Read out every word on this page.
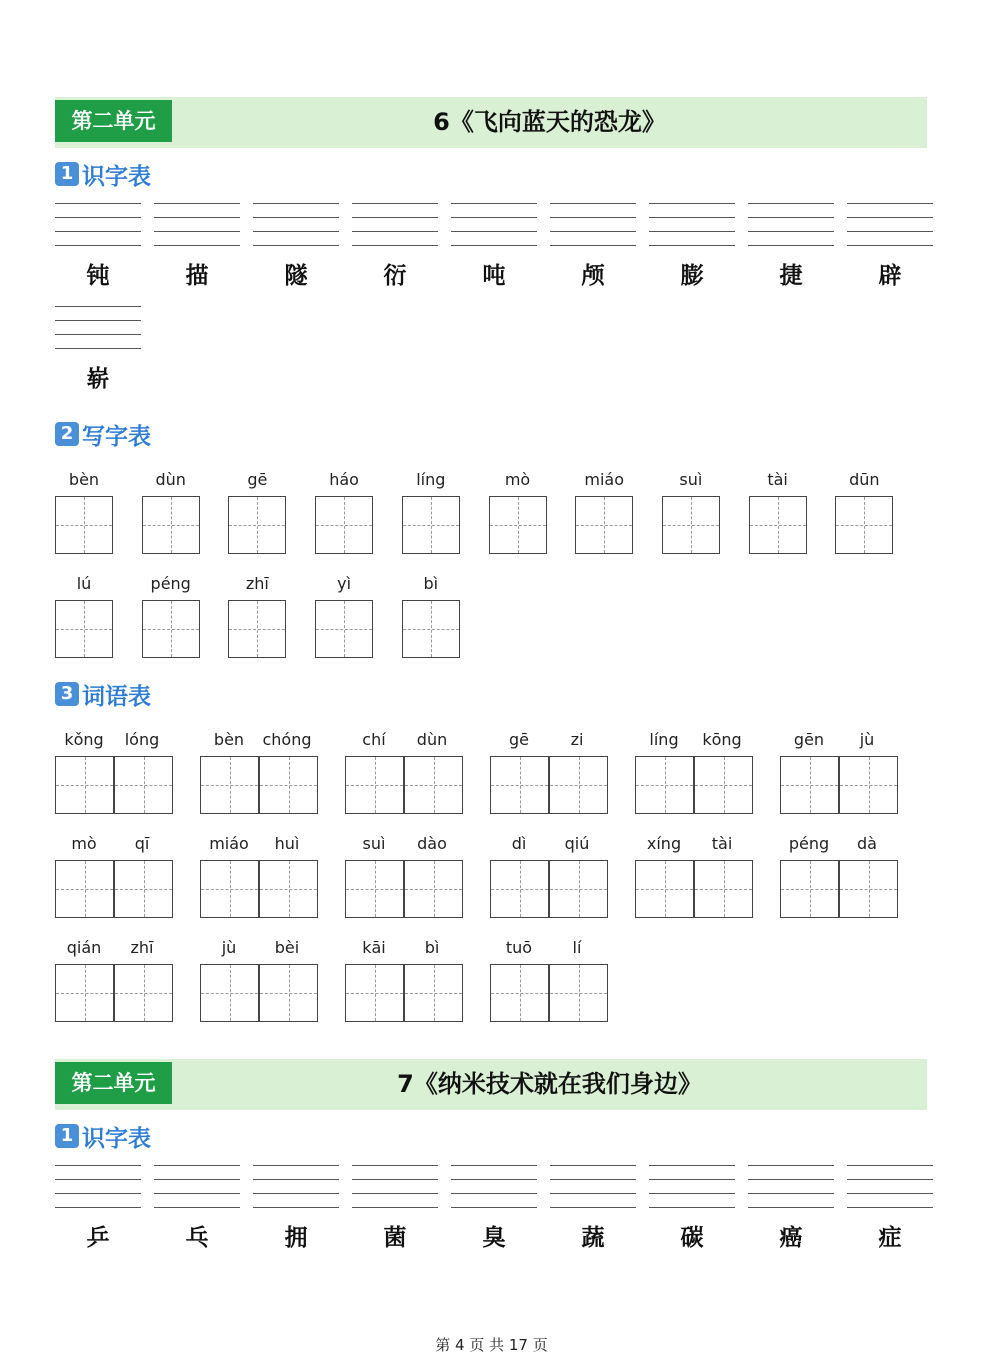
第二单元	6《飞向蓝天的恐龙》
1 识字表
钝	描	隧	衍	吨	颅	膨	捷	辟
崭
2 写字表
bèn	dùn	gē	háo	líng	mò	miáo	suì	tài	dūn
lú	péng	zhī	yì	bì
3 词语表
kǒng	lóng	bèn	chóng	chí	dùn	gē	zi	líng	kōng	gēn	jù
mò	qī	miáo	huì	suì	dào	dì	qiú	xíng	tài	péng	dà
qián	zhī	jù	bèi	kāi	bì	tuō	lí
第二单元	7《纳米技术就在我们身边》
1 识字表
乒	乓	拥	菌	臭	蔬	碳	癌	症
第 4 页 共 17 页
